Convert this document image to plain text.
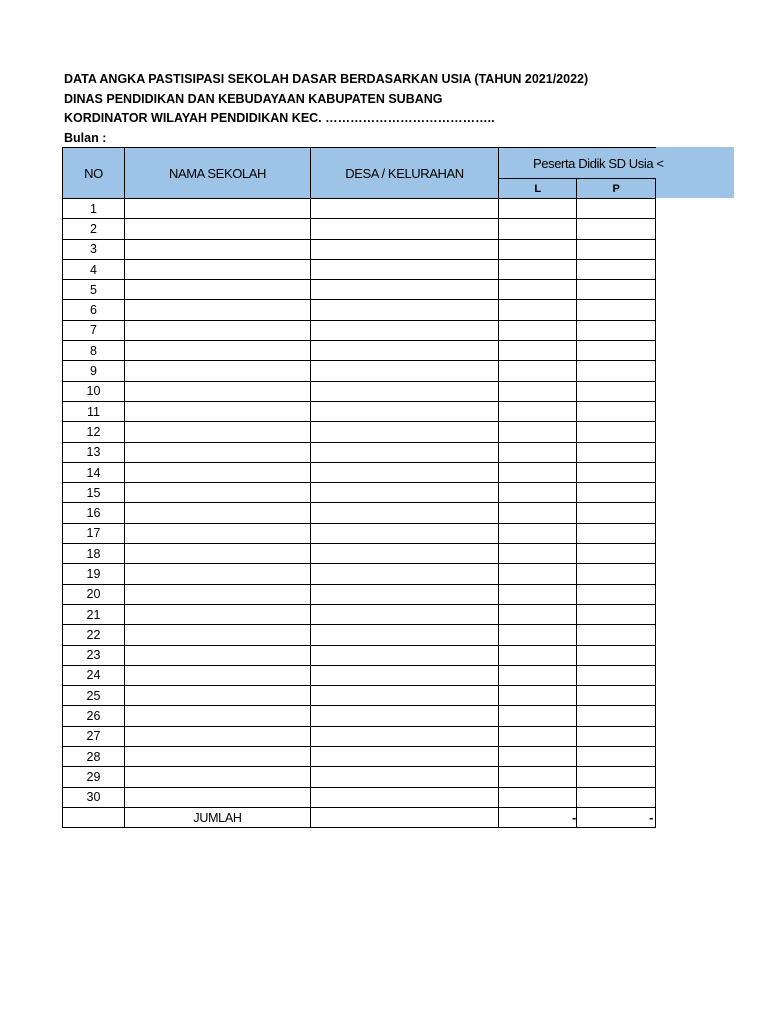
DATA ANGKA PASTISIPASI SEKOLAH DASAR BERDASARKAN USIA (TAHUN 2021/2022)
DINAS PENDIDIKAN DAN KEBUDAYAAN KABUPATEN SUBANG
KORDINATOR WILAYAH PENDIDIKAN KEC. …………………………………..
Bulan :
NO	NAMA SEKOLAH	DESA / KELURAHAN	Peserta Didik SD Usia <	
			L	P
1				
2				
3				
4				
5				
6				
7				
8				
9				
10				
11				
12				
13				
14				
15				
16				
17				
18				
19				
20				
21				
22				
23				
24				
25				
26				
27				
28				
29				
30				
	JUMLAH		-	-
